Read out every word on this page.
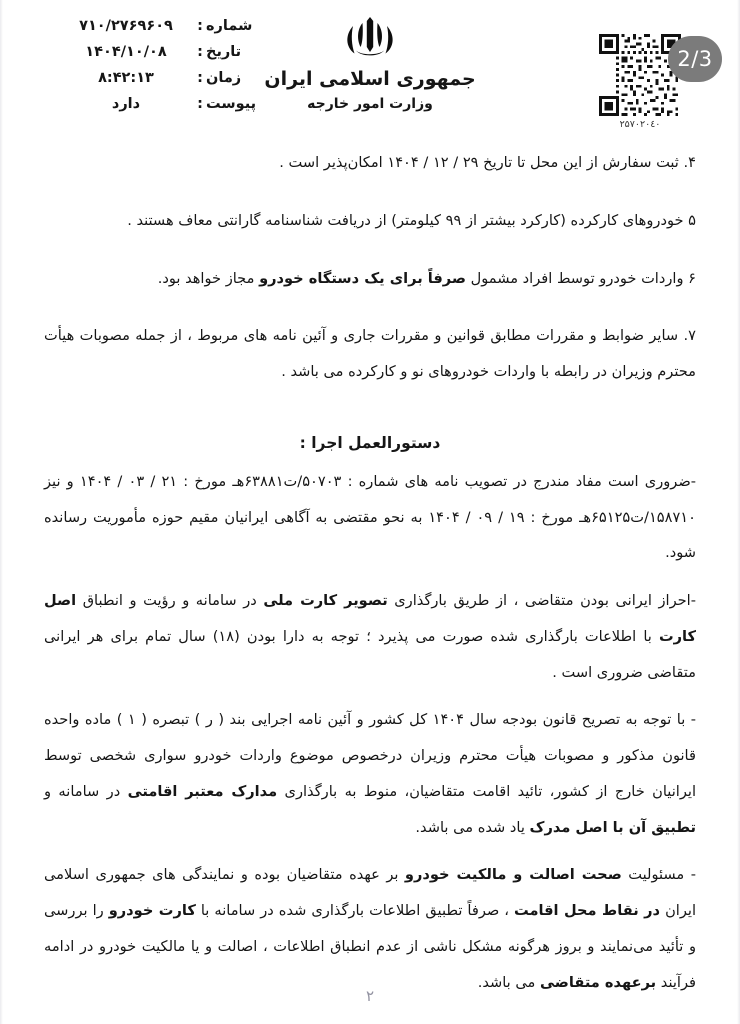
شماره
:
۷۱۰/۲۷۶۹۶۰۹
تاریخ
:
۱۴۰۴/۱۰/۰۸
زمان
:
۸:۴۲:۱۳
پیوست
:
دارد
جمهوری اسلامی ایران
وزارت امور خارجه
۲۵۷۰۲۰٤۰
2/3

۴. ثبت سفارش از این محل تا تاریخ ۲۹ / ۱۲ / ۱۴۰۴ امکان‌پذیر است .

۵ خودروهای کارکرده (کارکرد بیشتر از ۹۹ کیلومتر) از دریافت شناسنامه گارانتی معاف هستند .

۶ واردات خودرو توسط افراد مشمول صرفاً برای یک دستگاه خودرو مجاز خواهد بود.

۷. سایر ضوابط و مقررات مطابق قوانین و مقررات جاری و آئین نامه های مربوط ، از جمله مصوبات هیأت محترم وزیران در رابطه با واردات خودروهای نو و کارکرده می باشد .

دستورالعمل اجرا :

-ضروری است مفاد مندرج در تصویب نامه های شماره : ۵۰۷۰۳/ت۶۳۸۸۱هـ مورخ : ۲۱ / ۰۳ / ۱۴۰۴ و نیز ۱۵۸۷۱۰/ت۶۵۱۲۵هـ مورخ : ۱۹ / ۰۹ / ۱۴۰۴ به نحو مقتضی به آگاهی ایرانیان مقیم حوزه مأموریت رسانده شود.

-احراز ایرانی بودن متقاضی ، از طریق بارگذاری تصویر کارت ملی در سامانه و رؤیت و انطباق اصل کارت با اطلاعات بارگذاری شده صورت می پذیرد ؛ توجه به دارا بودن (۱۸) سال تمام برای هر ایرانی متقاضی ضروری است .

- با توجه به تصریح قانون بودجه سال ۱۴۰۴ کل کشور و آئین نامه اجرایی بند ( ر ) تبصره ( ۱ ) ماده واحده قانون مذکور و مصوبات هیأت محترم وزیران درخصوص موضوع واردات خودرو سواری شخصی توسط ایرانیان خارج از کشور، تائید اقامت متقاضیان، منوط به بارگذاری مدارک معتبر اقامتی در سامانه و تطبیق آن با اصل مدرک یاد شده می باشد.

- مسئولیت صحت اصالت و مالکیت خودرو بر عهده متقاضیان بوده و نمایندگی های جمهوری اسلامی ایران در نقاط محل اقامت ، صرفاً تطبیق اطلاعات بارگذاری شده در سامانه با کارت خودرو را بررسی و تأئید می‌نمایند و بروز هرگونه مشکل ناشی از عدم انطباق اطلاعات ، اصالت و یا مالکیت خودرو در ادامه فرآیند برعهده متقاضی می باشد.

۲
